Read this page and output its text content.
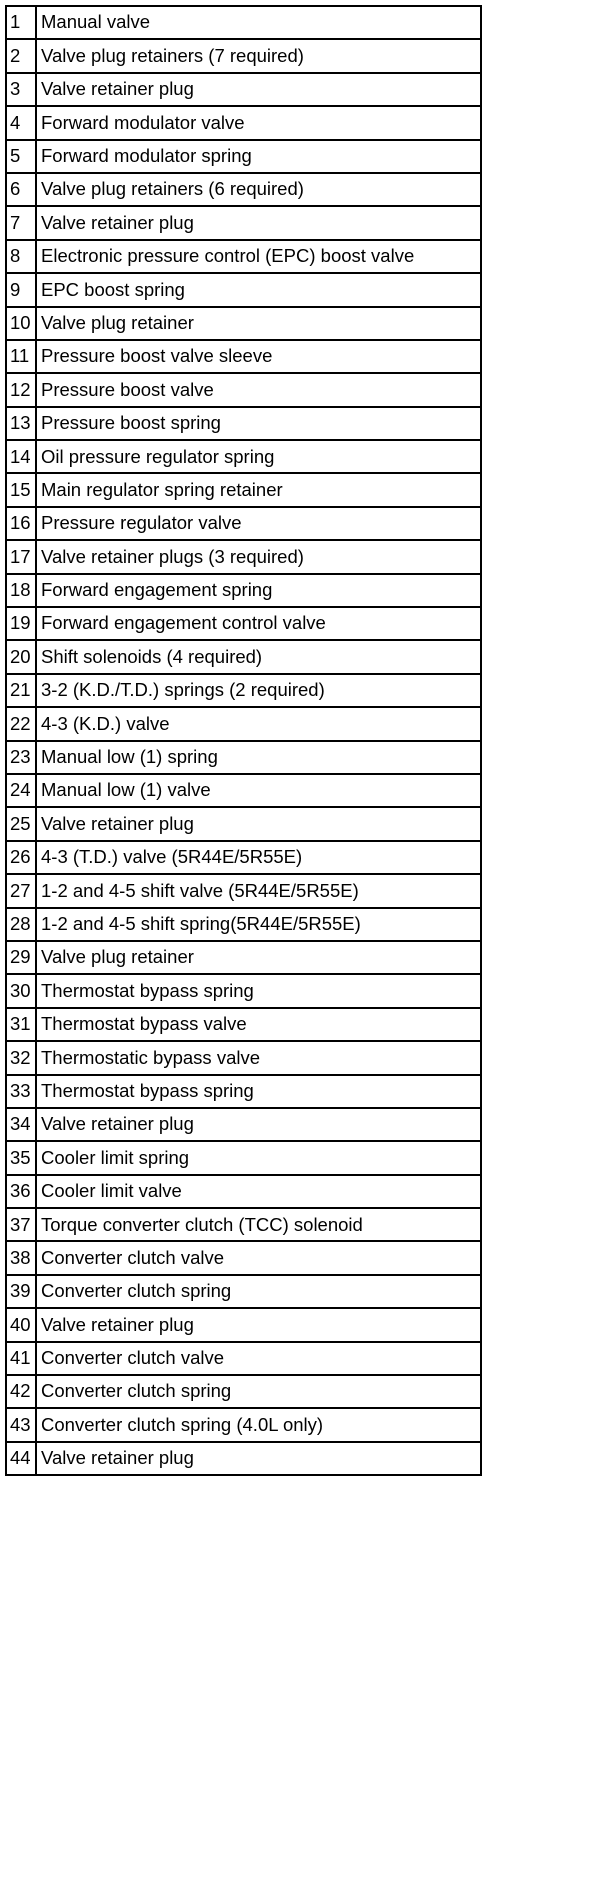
1	Manual valve
2	Valve plug retainers (7 required)
3	Valve retainer plug
4	Forward modulator valve
5	Forward modulator spring
6	Valve plug retainers (6 required)
7	Valve retainer plug
8	Electronic pressure control (EPC) boost valve
9	EPC boost spring
10	Valve plug retainer
11	Pressure boost valve sleeve
12	Pressure boost valve
13	Pressure boost spring
14	Oil pressure regulator spring
15	Main regulator spring retainer
16	Pressure regulator valve
17	Valve retainer plugs (3 required)
18	Forward engagement spring
19	Forward engagement control valve
20	Shift solenoids (4 required)
21	3-2 (K.D./T.D.) springs (2 required)
22	4-3 (K.D.) valve
23	Manual low (1) spring
24	Manual low (1) valve
25	Valve retainer plug
26	4-3 (T.D.) valve (5R44E/5R55E)
27	1-2 and 4-5 shift valve (5R44E/5R55E)
28	1-2 and 4-5 shift spring(5R44E/5R55E)
29	Valve plug retainer
30	Thermostat bypass spring
31	Thermostat bypass valve
32	Thermostatic bypass valve
33	Thermostat bypass spring
34	Valve retainer plug
35	Cooler limit spring
36	Cooler limit valve
37	Torque converter clutch (TCC) solenoid
38	Converter clutch valve
39	Converter clutch spring
40	Valve retainer plug
41	Converter clutch valve
42	Converter clutch spring
43	Converter clutch spring (4.0L only)
44	Valve retainer plug
